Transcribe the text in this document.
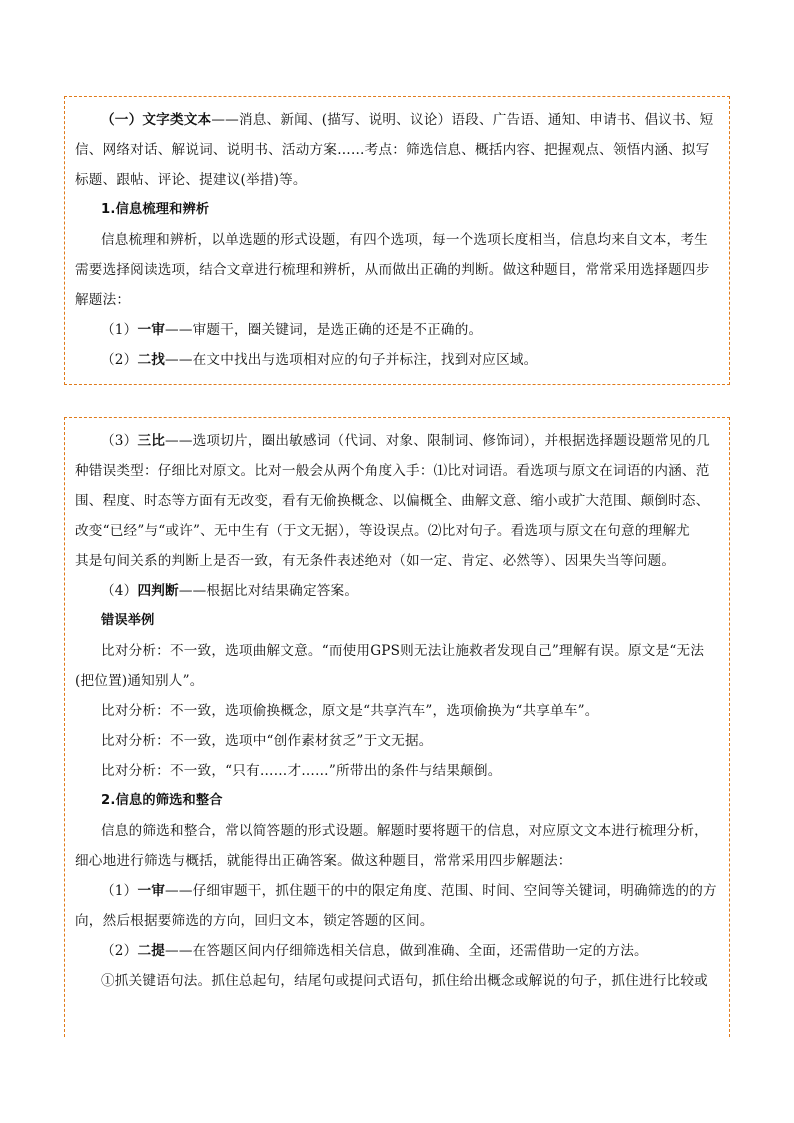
（一）文字类文本——消息、新闻、(描写、说明、议论）语段、广告语、通知、申请书、倡议书、短
信、网络对话、解说词、说明书、活动方案……考点：筛选信息、概括内容、把握观点、领悟内涵、拟写
标题、跟帖、评论、提建议(举措)等。
1.信息梳理和辨析
信息梳理和辨析，以单选题的形式设题，有四个选项，每一个选项长度相当，信息均来自文本，考生
需要选择阅读选项，结合文章进行梳理和辨析，从而做出正确的判断。做这种题目，常常采用选择题四步
解题法：
（1）一审——审题干，圈关键词，是选正确的还是不正确的。
（2）二找——在文中找出与选项相对应的句子并标注，找到对应区域。
（3）三比——选项切片，圈出敏感词（代词、对象、限制词、修饰词），并根据选择题设题常见的几
种错误类型：仔细比对原文。比对一般会从两个角度入手：⑴比对词语。看选项与原文在词语的内涵、范
围、程度、时态等方面有无改变，看有无偷换概念、以偏概全、曲解文意、缩小或扩大范围、颠倒时态、
改变“已经”与“或许”、无中生有（于文无据），等设误点。⑵比对句子。看选项与原文在句意的理解尤
其是句间关系的判断上是否一致，有无条件表述绝对（如一定、肯定、必然等）、因果失当等问题。
（4）四判断——根据比对结果确定答案。
错误举例
比对分析：不一致，选项曲解文意。“而使用GPS则无法让施救者发现自己”理解有误。原文是“无法
(把位置)通知别人”。
比对分析：不一致，选项偷换概念，原文是“共享汽车”，选项偷换为“共享单车”。
比对分析：不一致，选项中“创作素材贫乏”于文无据。
比对分析：不一致，“只有……才……”所带出的条件与结果颠倒。
2.信息的筛选和整合
信息的筛选和整合，常以简答题的形式设题。解题时要将题干的信息，对应原文文本进行梳理分析，
细心地进行筛选与概括，就能得出正确答案。做这种题目，常常采用四步解题法：
（1）一审——仔细审题干，抓住题干的中的限定角度、范围、时间、空间等关键词，明确筛选的的方
向，然后根据要筛选的方向，回归文本，锁定答题的区间。
（2）二提——在答题区间内仔细筛选相关信息，做到准确、全面，还需借助一定的方法。
①抓关键语句法。抓住总起句，结尾句或提问式语句，抓住给出概念或解说的句子，抓住进行比较或
